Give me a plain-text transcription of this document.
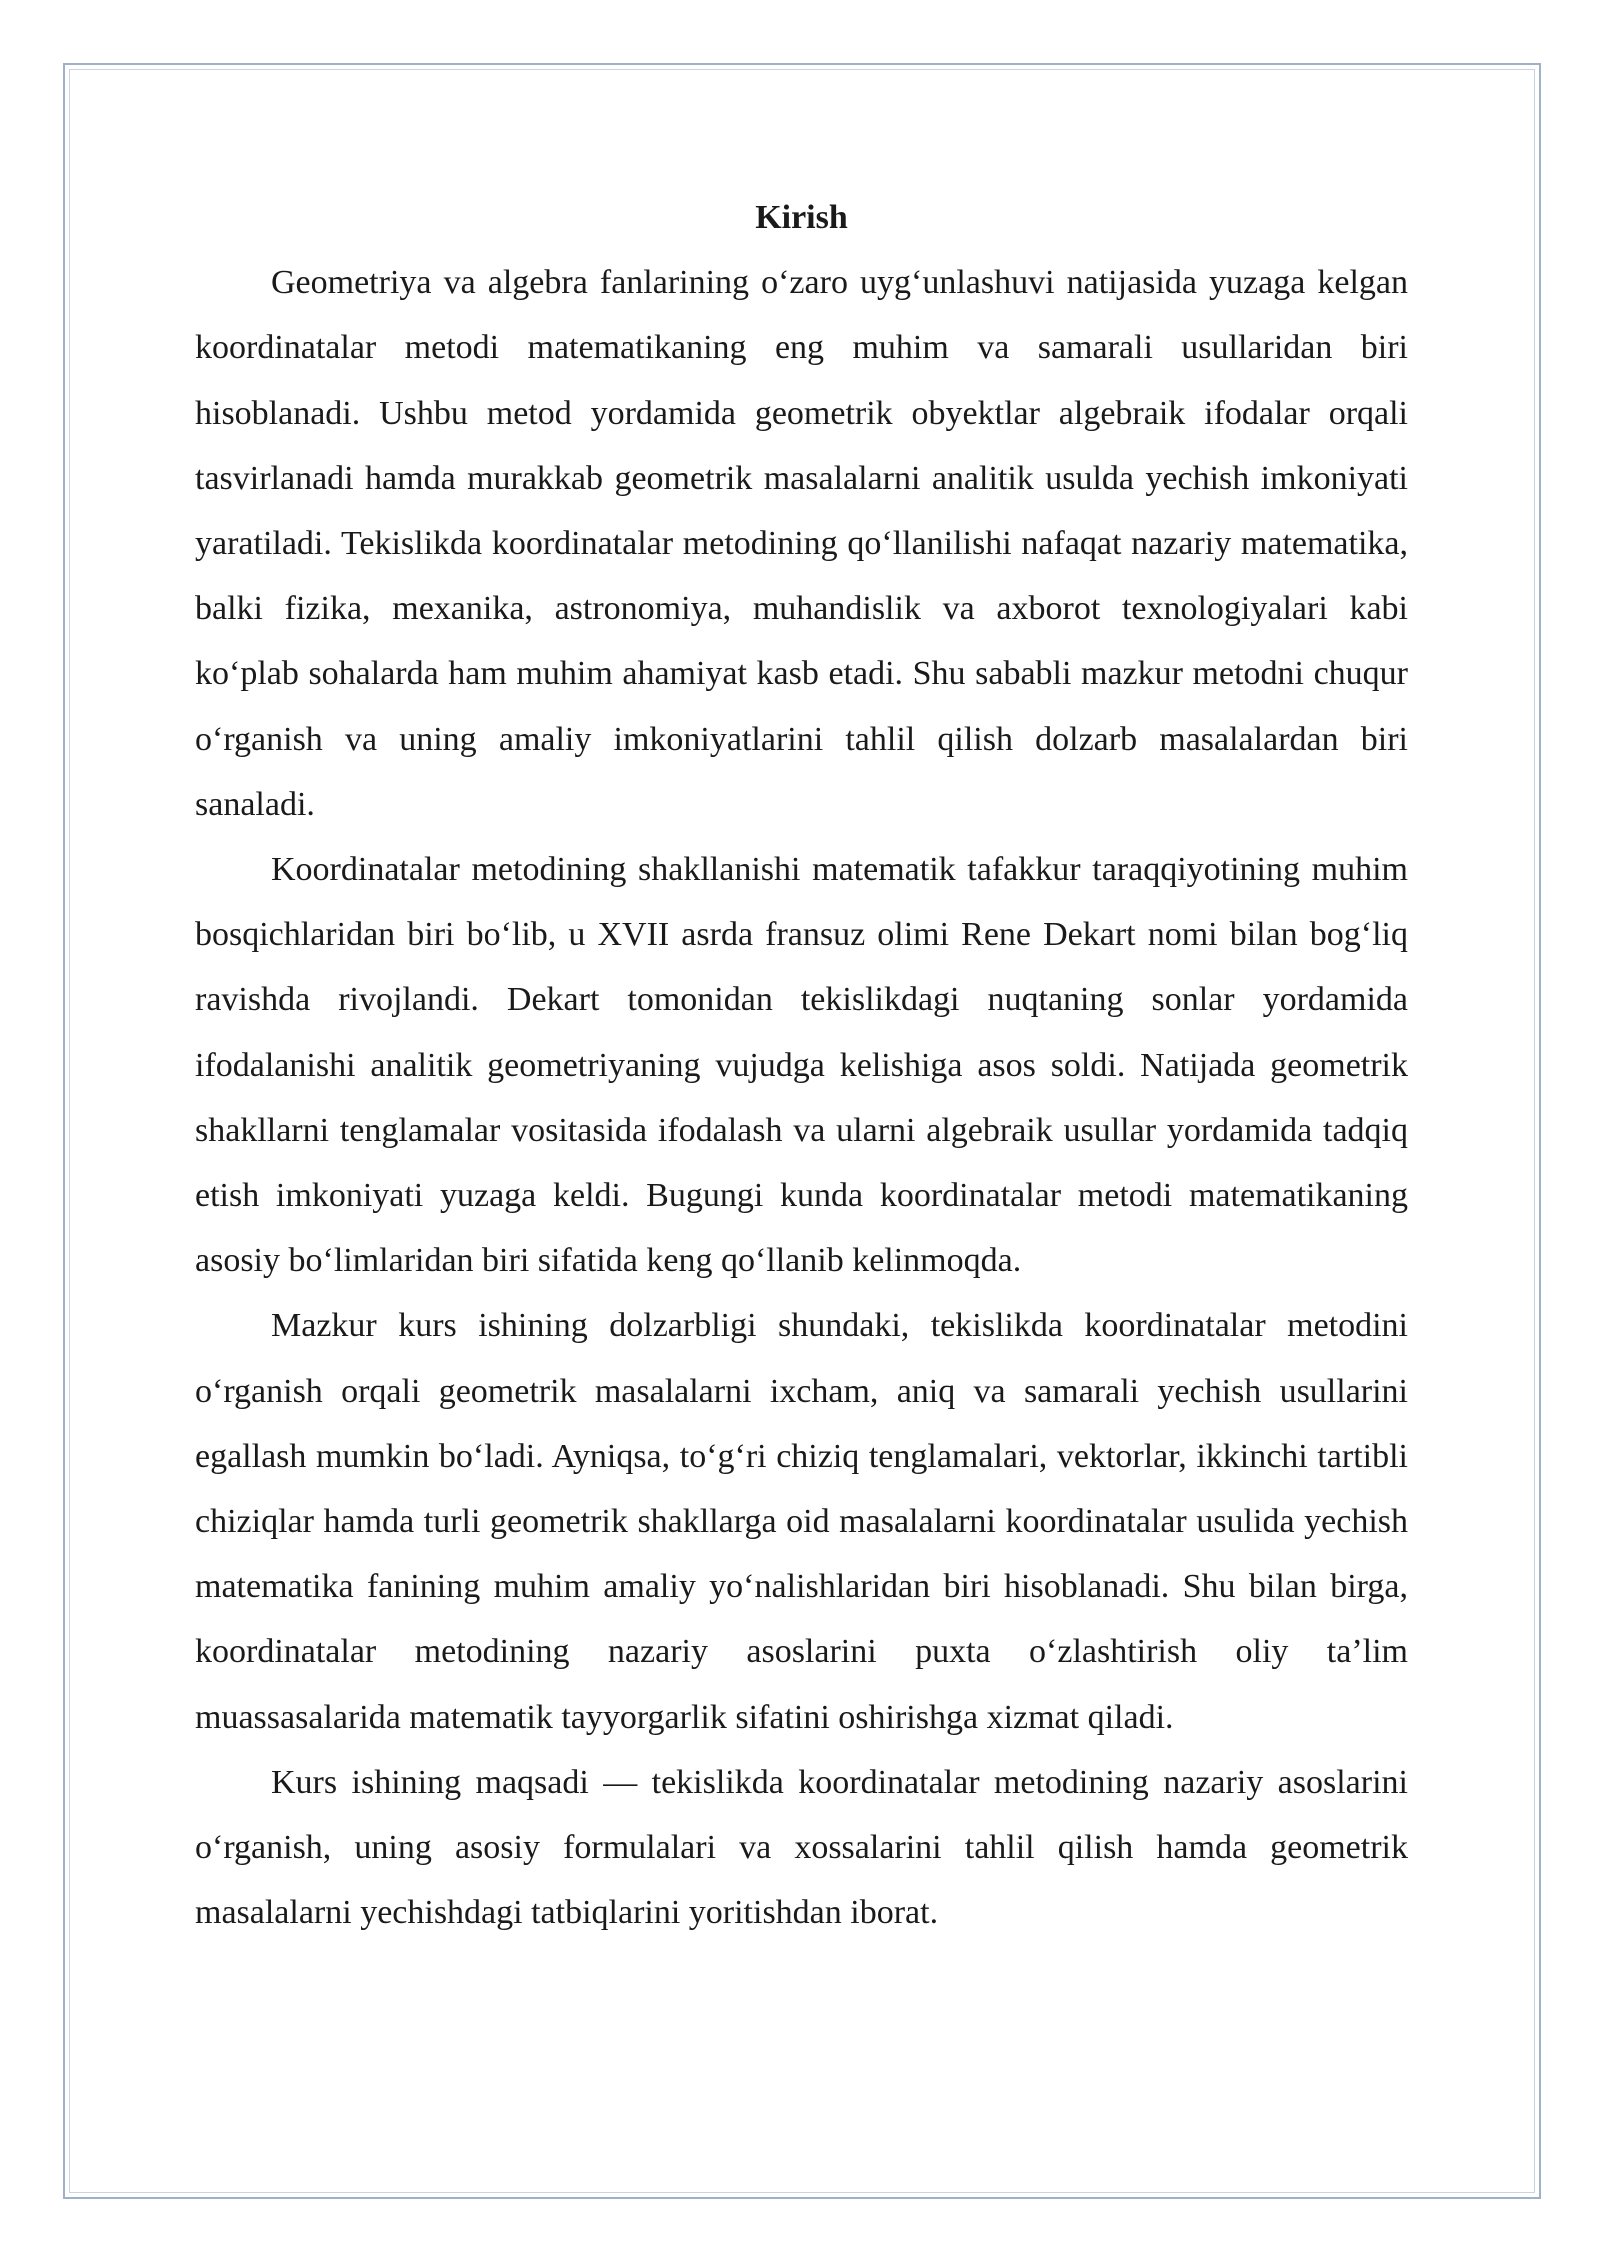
Kirish

Geometriya va algebra fanlarining o‘zaro uyg‘unlashuvi natijasida yuzaga kelgan koordinatalar metodi matematikaning eng muhim va samarali usullaridan biri hisoblanadi. Ushbu metod yordamida geometrik obyektlar algebraik ifodalar orqali tasvirlanadi hamda murakkab geometrik masalalarni analitik usulda yechish imkoniyati yaratiladi. Tekislikda koordinatalar metodining qo‘llanilishi nafaqat nazariy matematika, balki fizika, mexanika, astronomiya, muhandislik va axborot texnologiyalari kabi ko‘plab sohalarda ham muhim ahamiyat kasb etadi. Shu sababli mazkur metodni chuqur o‘rganish va uning amaliy imkoniyatlarini tahlil qilish dolzarb masalalardan biri sanaladi.

Koordinatalar metodining shakllanishi matematik tafakkur taraqqiyotining muhim bosqichlaridan biri bo‘lib, u XVII asrda fransuz olimi Rene Dekart nomi bilan bog‘liq ravishda rivojlandi. Dekart tomonidan tekislikdagi nuqtaning sonlar yordamida ifodalanishi analitik geometriyaning vujudga kelishiga asos soldi. Natijada geometrik shakllarni tenglamalar vositasida ifodalash va ularni algebraik usullar yordamida tadqiq etish imkoniyati yuzaga keldi. Bugungi kunda koordinatalar metodi matematikaning asosiy bo‘limlaridan biri sifatida keng qo‘llanib kelinmoqda.

Mazkur kurs ishining dolzarbligi shundaki, tekislikda koordinatalar metodini o‘rganish orqali geometrik masalalarni ixcham, aniq va samarali yechish usullarini egallash mumkin bo‘ladi. Ayniqsa, to‘g‘ri chiziq tenglamalari, vektorlar, ikkinchi tartibli chiziqlar hamda turli geometrik shakllarga oid masalalarni koordinatalar usulida yechish matematika fanining muhim amaliy yo‘nalishlaridan biri hisoblanadi. Shu bilan birga, koordinatalar metodining nazariy asoslarini puxta o‘zlashtirish oliy ta’lim muassasalarida matematik tayyorgarlik sifatini oshirishga xizmat qiladi.

Kurs ishining maqsadi — tekislikda koordinatalar metodining nazariy asoslarini o‘rganish, uning asosiy formulalari va xossalarini tahlil qilish hamda geometrik masalalarni yechishdagi tatbiqlarini yoritishdan iborat.
